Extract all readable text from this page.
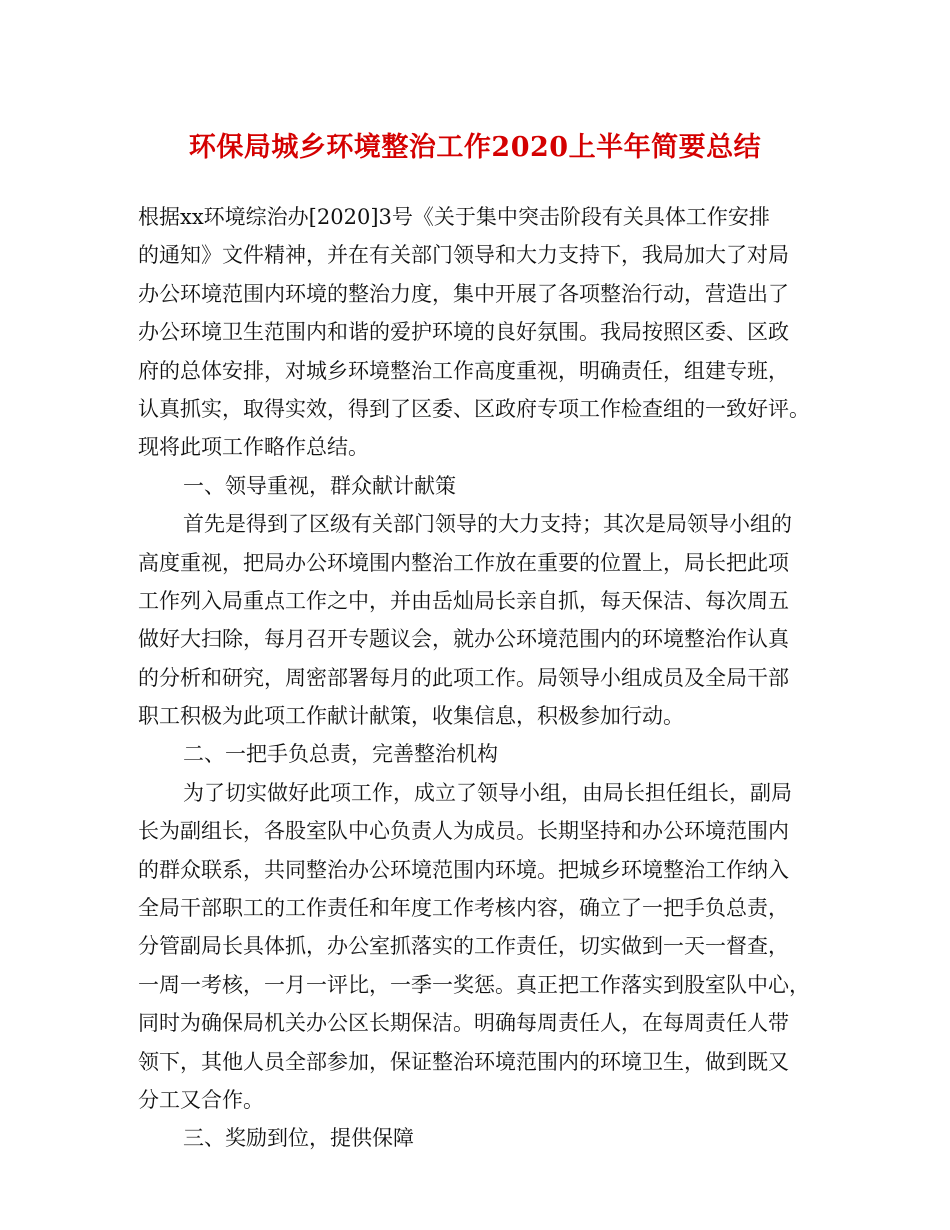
环保局城乡环境整治工作2020上半年简要总结
根据xx环境综治办[2020]3号《关于集中突击阶段有关具体工作安排
的通知》文件精神，并在有关部门领导和大力支持下，我局加大了对局
办公环境范围内环境的整治力度，集中开展了各项整治行动，营造出了
办公环境卫生范围内和谐的爱护环境的良好氛围。我局按照区委、区政
府的总体安排，对城乡环境整治工作高度重视，明确责任，组建专班，
认真抓实，取得实效，得到了区委、区政府专项工作检查组的一致好评。
现将此项工作略作总结。
一、领导重视，群众献计献策
首先是得到了区级有关部门领导的大力支持；其次是局领导小组的
高度重视，把局办公环境围内整治工作放在重要的位置上，局长把此项
工作列入局重点工作之中，并由岳灿局长亲自抓，每天保洁、每次周五
做好大扫除，每月召开专题议会，就办公环境范围内的环境整治作认真
的分析和研究，周密部署每月的此项工作。局领导小组成员及全局干部
职工积极为此项工作献计献策，收集信息，积极参加行动。
二、一把手负总责，完善整治机构
为了切实做好此项工作，成立了领导小组，由局长担任组长，副局
长为副组长，各股室队中心负责人为成员。长期坚持和办公环境范围内
的群众联系，共同整治办公环境范围内环境。把城乡环境整治工作纳入
全局干部职工的工作责任和年度工作考核内容，确立了一把手负总责，
分管副局长具体抓，办公室抓落实的工作责任，切实做到一天一督查，
一周一考核，一月一评比，一季一奖惩。真正把工作落实到股室队中心，
同时为确保局机关办公区长期保洁。明确每周责任人，在每周责任人带
领下，其他人员全部参加，保证整治环境范围内的环境卫生，做到既又
分工又合作。
三、奖励到位，提供保障
